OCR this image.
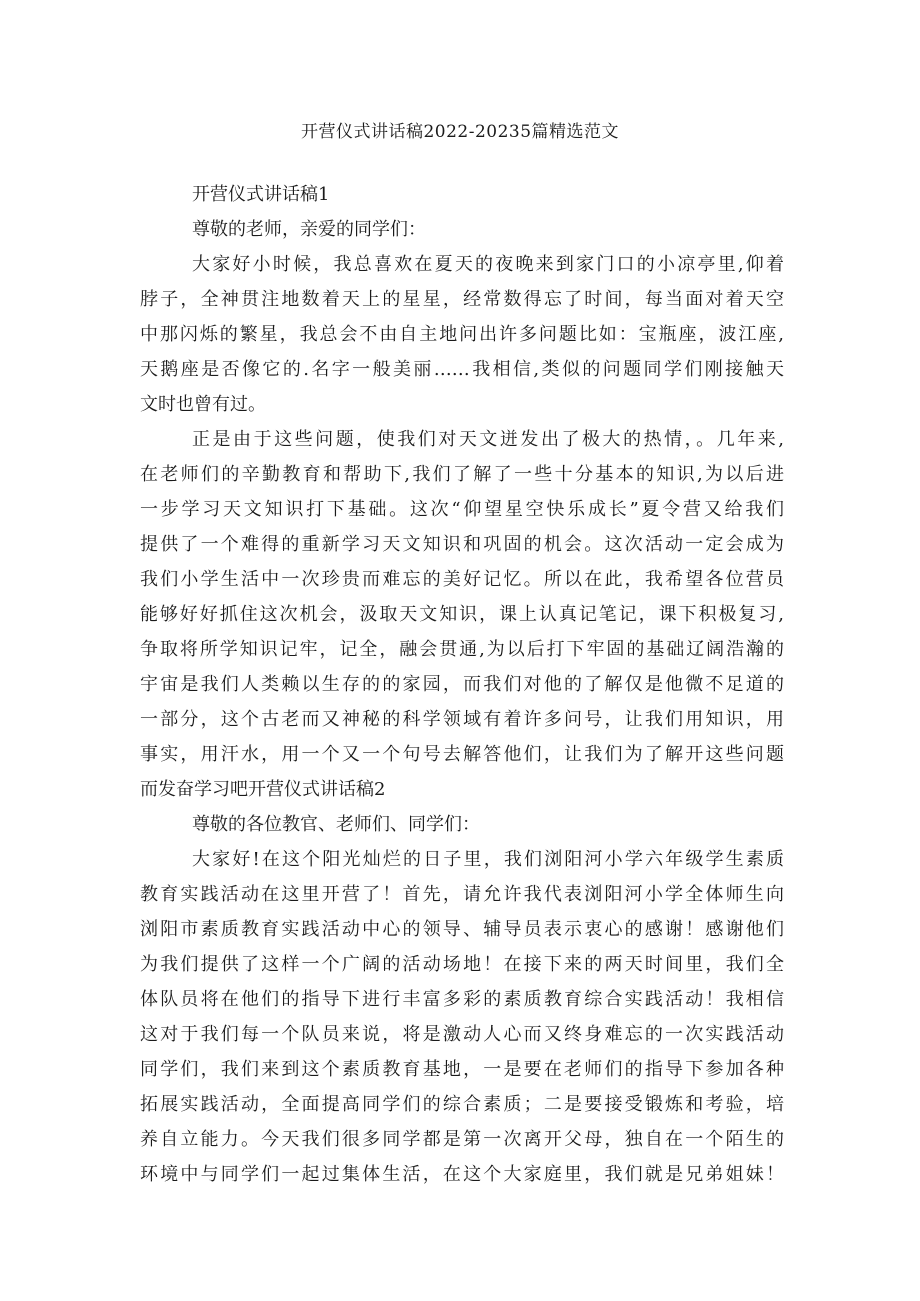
开营仪式讲话稿2022-20235篇精选范文
开营仪式讲话稿1
尊敬的老师，亲爱的同学们：
大家好小时候，我总喜欢在夏天的夜晚来到家门口的小凉亭里,仰着
脖子，全神贯注地数着天上的星星，经常数得忘了时间，每当面对着天空
中那闪烁的繁星，我总会不由自主地问出许多问题比如：宝瓶座，波江座,
天鹅座是否像它的.名字一般美丽……我相信,类似的问题同学们刚接触天
文时也曾有过。
正是由于这些问题，使我们对天文迸发出了极大的热情，。几年来,
在老师们的辛勤教育和帮助下,我们了解了一些十分基本的知识,为以后进
一步学习天文知识打下基础。这次“仰望星空快乐成长”夏令营又给我们
提供了一个难得的重新学习天文知识和巩固的机会。这次活动一定会成为
我们小学生活中一次珍贵而难忘的美好记忆。所以在此，我希望各位营员
能够好好抓住这次机会，汲取天文知识，课上认真记笔记，课下积极复习,
争取将所学知识记牢，记全，融会贯通,为以后打下牢固的基础辽阔浩瀚的
宇宙是我们人类赖以生存的的家园，而我们对他的了解仅是他微不足道的
一部分，这个古老而又神秘的科学领域有着许多问号，让我们用知识，用
事实，用汗水，用一个又一个句号去解答他们，让我们为了解开这些问题
而发奋学习吧开营仪式讲话稿2
尊敬的各位教官、老师们、同学们：
大家好!在这个阳光灿烂的日子里，我们浏阳河小学六年级学生素质
教育实践活动在这里开营了！首先，请允许我代表浏阳河小学全体师生向
浏阳市素质教育实践活动中心的领导、辅导员表示衷心的感谢！感谢他们
为我们提供了这样一个广阔的活动场地！在接下来的两天时间里，我们全
体队员将在他们的指导下进行丰富多彩的素质教育综合实践活动！我相信
这对于我们每一个队员来说，将是激动人心而又终身难忘的一次实践活动
同学们，我们来到这个素质教育基地，一是要在老师们的指导下参加各种
拓展实践活动，全面提高同学们的综合素质；二是要接受锻炼和考验，培
养自立能力。今天我们很多同学都是第一次离开父母，独自在一个陌生的
环境中与同学们一起过集体生活，在这个大家庭里，我们就是兄弟姐妹！
